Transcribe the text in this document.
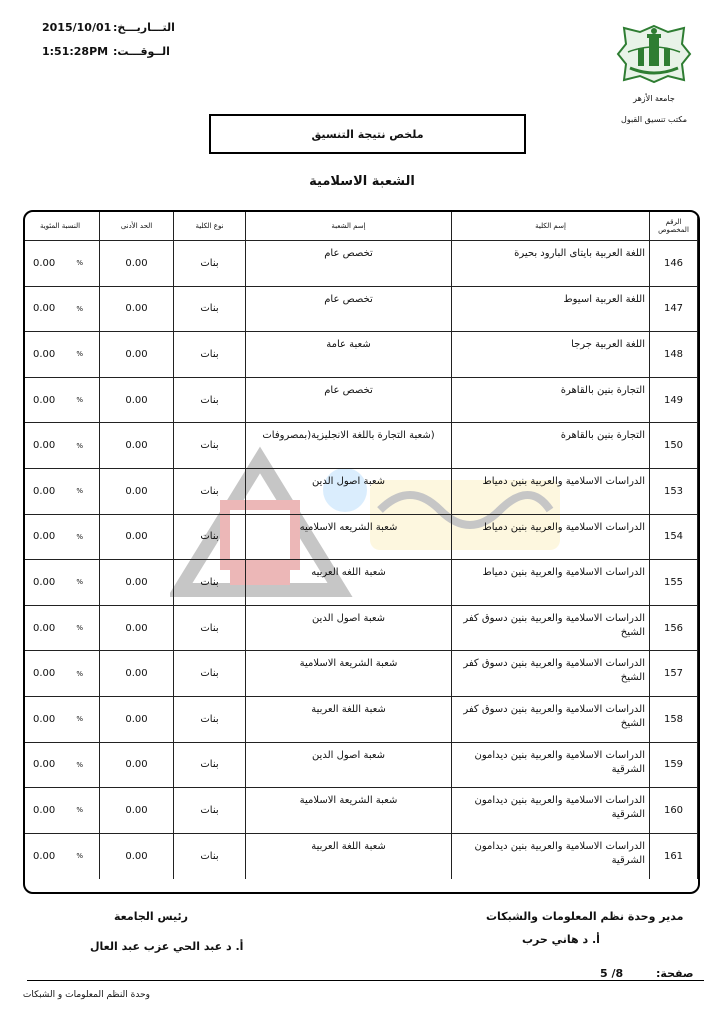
التـــاريـــخ:
2015/10/01
الــوقـــت:
1:51:28PM
جامعة الأزهر
مكتب تنسيق القبول
ملخص نتيجة التنسيق
الشعبة الاسلامية
الرقم المخصوص	إسم الكلية	إسم الشعبة	نوع الكلية	الحد الأدنى	النسبة المئوية
146	اللغة العربية بايتاى البارود بحيرة	تخصص عام	بنات	0.00	0.00 %

147	اللغة العربية اسيوط	تخصص عام	بنات	0.00	0.00 %

148	اللغة العربية جرجا	شعبة عامة	بنات	0.00	0.00 %

149	التجارة بنين بالقاهرة	تخصص عام	بنات	0.00	0.00 %

150	التجارة بنين بالقاهرة	(شعبة التجارة باللغة الانجليزية(بمصروفات	بنات	0.00	0.00 %

153	الدراسات الاسلامية والعربية بنين دمياط	شعبة اصول الدين	بنات	0.00	0.00 %

154	الدراسات الاسلامية والعربية بنين دمياط	شعبة الشريعه الاسلاميه	بنات	0.00	0.00 %

155	الدراسات الاسلامية والعربية بنين دمياط	شعبة اللغه العربيه	بنات	0.00	0.00 %

156	الدراسات الاسلامية والعربية بنين دسوق كفر الشيخ	شعبة اصول الدين	بنات	0.00	0.00 %

157	الدراسات الاسلامية والعربية بنين دسوق كفر الشيخ	شعبة الشريعة الاسلامية	بنات	0.00	0.00 %

158	الدراسات الاسلامية والعربية بنين دسوق كفر الشيخ	شعبة اللغة العربية	بنات	0.00	0.00 %

159	الدراسات الاسلامية والعربية بنين ديدامون الشرقية	شعبة اصول الدين	بنات	0.00	0.00 %

160	الدراسات الاسلامية والعربية بنين ديدامون الشرقية	شعبة الشريعة الاسلامية	بنات	0.00	0.00 %

161	الدراسات الاسلامية والعربية بنين ديدامون الشرقية	شعبة اللغة العربية	بنات	0.00	0.00 %
رئيس الجامعة
أ. د عبد الحي عزب عبد العال
مدير وحدة نظم المعلومات والشبكات
أ. د هاني حرب
صفحة:
5 /8
وحدة النظم المعلومات و الشبكات
